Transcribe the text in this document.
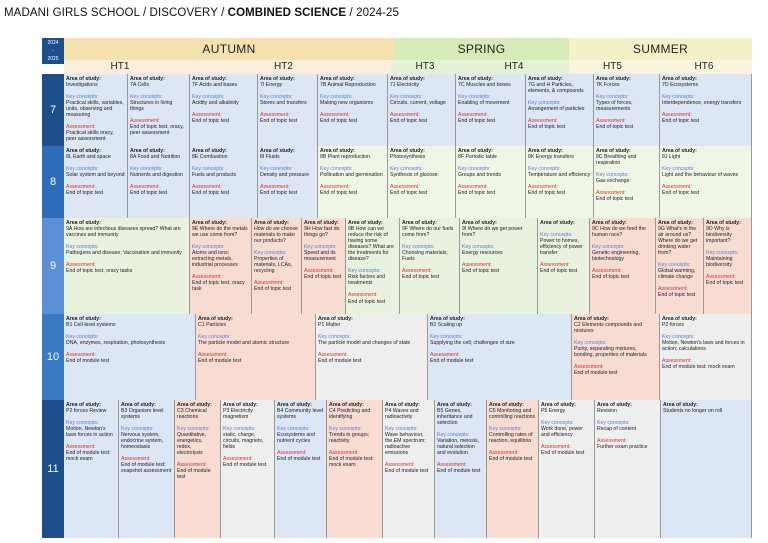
MADANI GIRLS SCHOOL / DISCOVERY / COMBINED SCIENCE / 2024-25
2024
-
2025
AUTUMN	SPRING	SUMMER
HT1	HT2	HT3	HT4	HT5	HT6
7
Area of study:
Investigations
Key concepts:
Practical skills, variables, units, observing and measuring
Assessment:
Practical skills oracy, peer assessment
Area of study:
7A Cells
Key concepts:
Structures in living things
Assessment:
End of topic test, oracy, peer assessment
Area of study:
7F Acids and bases
Key concepts:
Acidity and alkalinity
Assessment:
End of topic test
Area of study:
7I Energy
Key concepts:
Stores and transfers
Assessment:
End of topic test
Area of study:
7B Animal Reproduction
Key concepts:
Making new organisms
Assessment:
End of topic test
Area of study:
7J Electricity
Key concepts:
Circuits, current, voltage
Assessment:
End of topic test
Area of study:
7C Muscles and bones
Key concepts:
Enabling of movement
Assessment:
End of topic test
Area of study:
7G and H Particles, elements, & compounds
Key concepts:
Arrangement of particles
Assessment:
End of topic test
Area of study:
7K Forces
Key concepts:
Types of forces, measurements
Assessment:
End of topic test
Area of study:
7D Ecosystems
Key concepts:
Interdependence, energy transfers
Assessment:
End of topic test
8
Area of study:
8L Earth and space
Key concepts:
Solar system and beyond
Assessment:
End of topic test
Area of study:
8A Food and Nutrition
Key concepts:
Nutrients and digestion
Assessment:
End of topic test
Area of study:
8E Combustion
Key concepts:
Fuels and products
Assessment:
End of topic test
Area of study:
8I Fluids
Key concepts:
Density and pressure
Assessment:
End of topic test
Area of study:
8B Plant reproduction
Key concepts:
Pollination and germination
Assessment:
End of topic test
Area of study:
Photosynthesis
Key concepts:
Synthesis of glucose
Assessment:
End of topic test
Area of study:
8F Periodic table
Key concepts:
Groups and trends
Assessment:
End of topic test
Area of study:
8K Energy transfers
Key concepts:
Temperature and efficiency
Assessment:
End of topic test
Area of study:
8C Breathing and respiration
Key concepts:
Gas exchange
Assessment:
End of topic test
Area of study:
8J Light
Key concepts:
Light and the behaviour of waves
Assessment:
End of topic test
9
Area of study:
9A How are infectious diseases spread? What are vaccines and immunity
Key concepts:
Pathogens and disease; Vaccination and immunity
Assessment:
End of topic test, oracy tasks
Area of study:
9E Where do the metals we use come from?
Key concepts:
Atoms and ions; extracting metals, industrial processes
Assessment:
End of topic test, oracy task
Area of study:
How do we choose materials to make our products?
Key concepts:
Properties of materials, LCAs, recycling
Assessment:
End of topic test
Area of study:
9H How fast do things go?
Key concepts:
Speed and its measurement
Assessment:
End of topic test
Area of study:
9B How can we reduce the risk of having some diseases? What are the treatments for disease?
Key concepts:
Risk factors and treatments
Assessment:
End of topic test
Area of study:
9F Where do our fuels come from?
Key concepts:
Choosing materials; Fuels
Assessment:
End of topic test
Area of study:
9I Where do we get power from?
Key concepts:
Energy resources
Assessment:
End of topic test
Area of study:
Key concepts:
Power to homes, efficiency of power transfer
Assessment:
End of topic test
Area of study:
9C How do we feed the human race?
Key concepts:
Genetic engineering, biotechnology
Assessment:
End of topic test
Area of study:
9G What's in the air around us? Where do we get drinking water from?
Key concepts:
Global warming, climate change
Assessment:
End of topic test
Area of study:
9D Why is biodiversity important?
Key concepts:
Maintaining biodiversity
Assessment:
End of topic test
10
Area of study:
B1 Cell-level systems
Key concepts:
DNA, enzymes, respiration, photosynthesis
Assessment:
End of module test
Area of study:
C1 Particles
Key concepts:
The particle model and atomic structure
Assessment:
End of module test
Area of study:
P1 Matter
Key concepts:
The particle model and changes of state
Assessment:
End of module test
Area of study:
B2 Scaling up
Key concepts:
Supplying the cell; challenges of size
Assessment:
End of module test
Area of study:
C2 Elements compounds and mixtures
Key concepts:
Purity, separating mixtures, bonding, properties of materials
Assessment:
End of module test
Area of study:
P2 forces
Key concepts:
Motion, Newton's laws and forces in action; calculations
Assessment:
End of module test: mock exam
11
Area of study:
P2 forces Review
Key concepts:
Motion, Newton's laws forces in action
Assessment:
End of module test: mock exam
Area of study:
B3 Organism level systems
Key concepts:
Nervous system, endocrine system, homeostasis
Assessment:
End of module test; snapshot assessment
Area of study:
C3 Chemical reactions
Key concepts:
Quantitative, energetics, redox, electrolysis
Assessment:
End of module test
Area of study:
P3 Electricity magnetism
Key concepts:
static, charge, circuits, magnets, fields
Assessment:
End of module test
Area of study:
B4 Community level systems
Key concepts:
Ecosystems and nutrient cycles
Assessment:
End of module test
Area of study:
C4 Predicting and identifying
Key concepts:
Trends in groups; reactivity
Assessment:
End of module test: mock exam
Area of study:
P4 Waves and radioactivity
Key concepts:
Wave behaviour, the EM spectrum; radioactive emissions
Assessment:
End of module test
Area of study:
B5 Genes, inheritance and selection
Key concepts:
Variation, meiosis, natural selection and evolution
Assessment:
End of module test
Area of study:
C5 Monitoring and controlling reactions
Key concepts:
Controlling rates of reaction, equilibria
Assessment:
End of module test
Area of study:
P5 Energy
Key concepts:
Work done, power and efficiency
Assessment:
End of module test
Area of study:
Revision
Key concepts:
Recap of content
Assessment:
Further exam practice
Area of study:
Students no longer on roll
